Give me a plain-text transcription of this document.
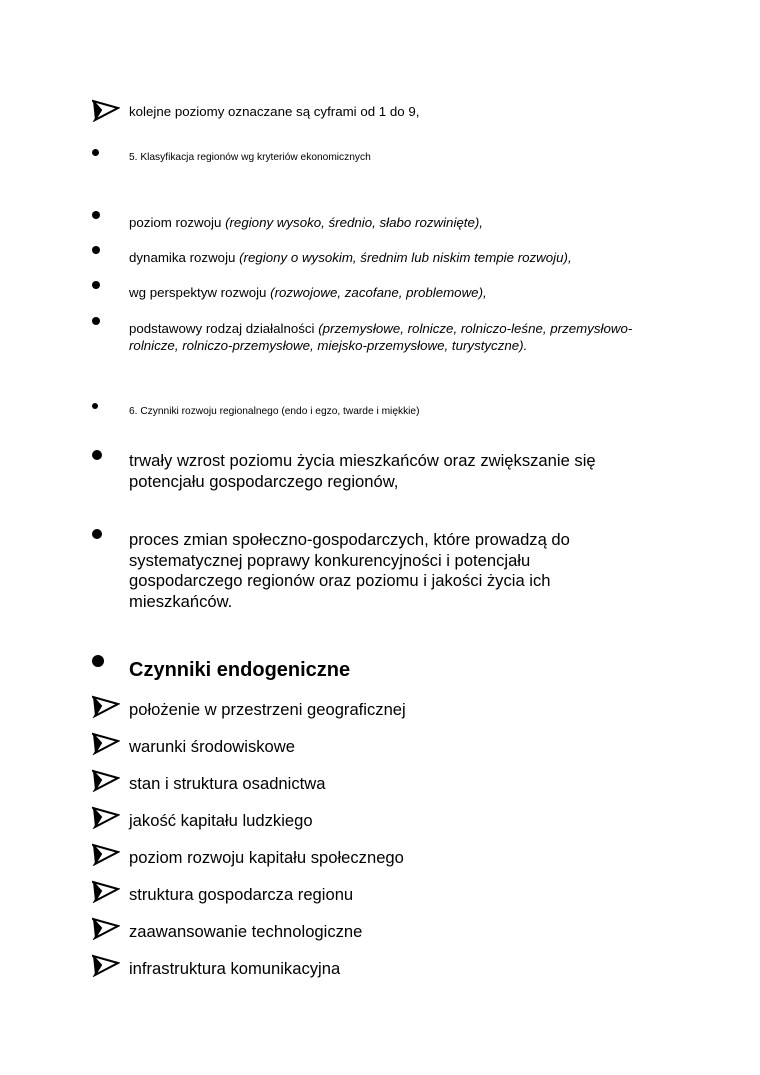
kolejne poziomy oznaczane są cyframi od 1 do 9,
5. Klasyfikacja regionów wg kryteriów ekonomicznych
poziom rozwoju (regiony wysoko, średnio, słabo rozwinięte),
dynamika rozwoju (regiony o wysokim, średnim lub niskim tempie rozwoju),
wg perspektyw rozwoju (rozwojowe, zacofane, problemowe),
podstawowy rodzaj działalności (przemysłowe, rolnicze, rolniczo-leśne, przemysłowo-rolnicze, rolniczo-przemysłowe, miejsko-przemysłowe, turystyczne).
6. Czynniki rozwoju regionalnego (endo i egzo, twarde i miękkie)
trwały wzrost poziomu życia mieszkańców oraz zwiększanie się potencjału gospodarczego regionów,
proces zmian społeczno-gospodarczych, które prowadzą do systematycznej poprawy konkurencyjności i potencjału gospodarczego regionów oraz poziomu i jakości życia ich mieszkańców.
Czynniki endogeniczne
położenie w przestrzeni geograficznej
warunki środowiskowe
stan i struktura osadnictwa
jakość kapitału ludzkiego
poziom rozwoju kapitału społecznego
struktura gospodarcza regionu
zaawansowanie technologiczne
infrastruktura komunikacyjna
